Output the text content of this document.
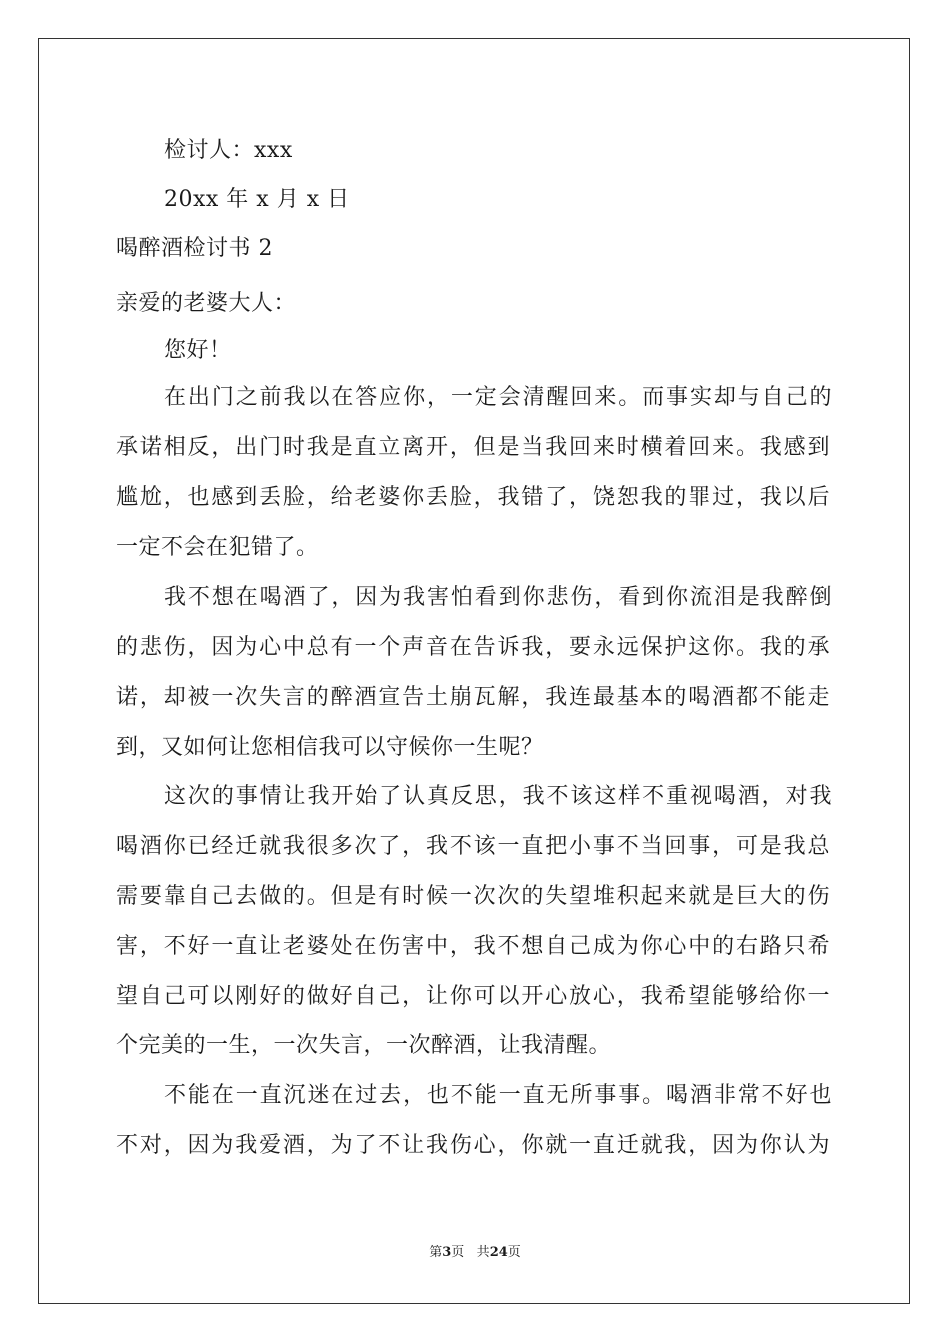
检讨人：xxx
20xx 年 x 月 x 日
喝醉酒检讨书 2
亲爱的老婆大人：
您好！
在出门之前我以在答应你，一定会清醒回来。而事实却与自己的
承诺相反，出门时我是直立离开，但是当我回来时横着回来。我感到
尴尬，也感到丢脸，给老婆你丢脸，我错了，饶恕我的罪过，我以后
一定不会在犯错了。
我不想在喝酒了，因为我害怕看到你悲伤，看到你流泪是我醉倒
的悲伤，因为心中总有一个声音在告诉我，要永远保护这你。我的承
诺，却被一次失言的醉酒宣告土崩瓦解，我连最基本的喝酒都不能走
到，又如何让您相信我可以守候你一生呢？
这次的事情让我开始了认真反思，我不该这样不重视喝酒，对我
喝酒你已经迁就我很多次了，我不该一直把小事不当回事，可是我总
需要靠自己去做的。但是有时候一次次的失望堆积起来就是巨大的伤
害，不好一直让老婆处在伤害中，我不想自己成为你心中的右路只希
望自己可以刚好的做好自己，让你可以开心放心，我希望能够给你一
个完美的一生，一次失言，一次醉酒，让我清醒。
不能在一直沉迷在过去，也不能一直无所事事。喝酒非常不好也
不对，因为我爱酒，为了不让我伤心，你就一直迁就我，因为你认为
第3页 共24页
